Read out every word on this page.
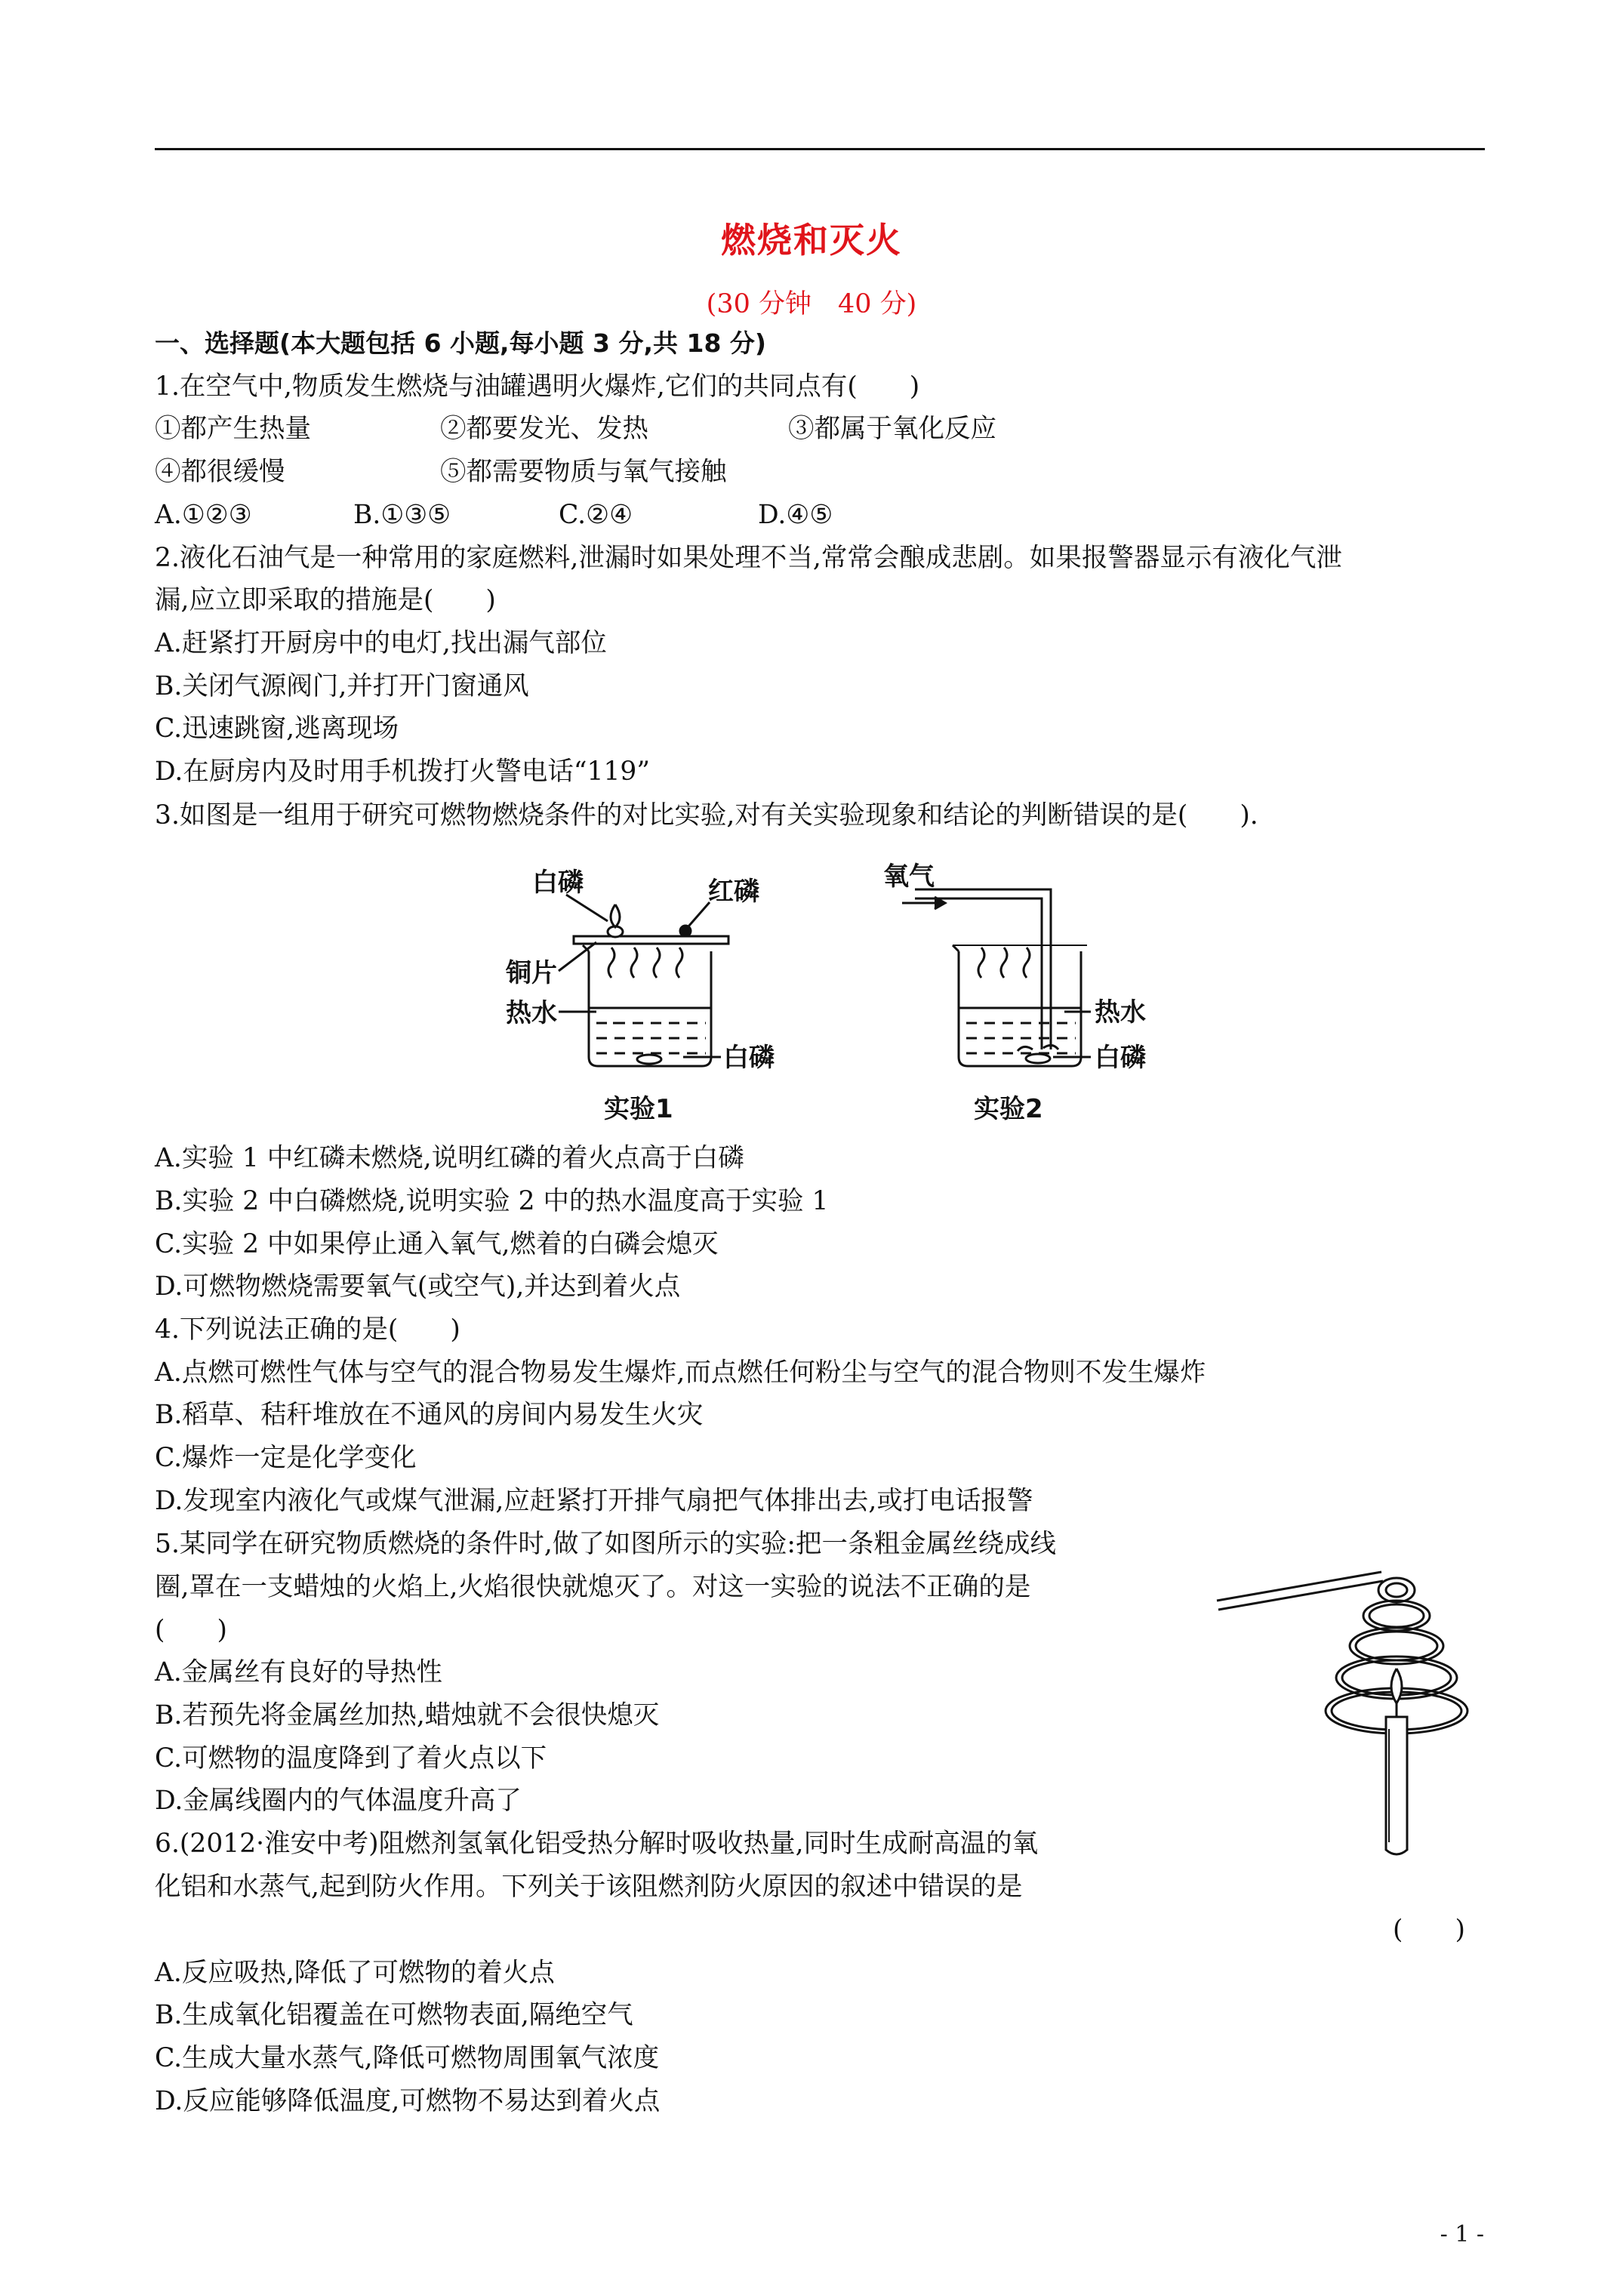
燃烧和灭火
(30 分钟　40 分)
一、选择题(本大题包括 6 小题,每小题 3 分,共 18 分)
1.在空气中,物质发生燃烧与油罐遇明火爆炸,它们的共同点有(　　)
①都产生热量	②都要发光、发热	③都属于氧化反应
④都很缓慢	⑤都需要物质与氧气接触
A.①②③	B.①③⑤	C.②④	D.④⑤
2.液化石油气是一种常用的家庭燃料,泄漏时如果处理不当,常常会酿成悲剧。如果报警器显示有液化气泄
漏,应立即采取的措施是(　　)
A.赶紧打开厨房中的电灯,找出漏气部位
B.关闭气源阀门,并打开门窗通风
C.迅速跳窗,逃离现场
D.在厨房内及时用手机拨打火警电话“119”
3.如图是一组用于研究可燃物燃烧条件的对比实验,对有关实验现象和结论的判断错误的是(　　).
白磷	红磷
铜片
热水
白磷
实验1
氧气
热水
白磷
实验2
A.实验 1 中红磷未燃烧,说明红磷的着火点高于白磷
B.实验 2 中白磷燃烧,说明实验 2 中的热水温度高于实验 1
C.实验 2 中如果停止通入氧气,燃着的白磷会熄灭
D.可燃物燃烧需要氧气(或空气),并达到着火点
4.下列说法正确的是(　　)
A.点燃可燃性气体与空气的混合物易发生爆炸,而点燃任何粉尘与空气的混合物则不发生爆炸
B.稻草、秸秆堆放在不通风的房间内易发生火灾
C.爆炸一定是化学变化
D.发现室内液化气或煤气泄漏,应赶紧打开排气扇把气体排出去,或打电话报警
5.某同学在研究物质燃烧的条件时,做了如图所示的实验:把一条粗金属丝绕成线
圈,罩在一支蜡烛的火焰上,火焰很快就熄灭了。对这一实验的说法不正确的是
(　　)
A.金属丝有良好的导热性
B.若预先将金属丝加热,蜡烛就不会很快熄灭
C.可燃物的温度降到了着火点以下
D.金属线圈内的气体温度升高了
6.(2012·淮安中考)阻燃剂氢氧化铝受热分解时吸收热量,同时生成耐高温的氧
化铝和水蒸气,起到防火作用。下列关于该阻燃剂防火原因的叙述中错误的是
(　　)
A.反应吸热,降低了可燃物的着火点
B.生成氧化铝覆盖在可燃物表面,隔绝空气
C.生成大量水蒸气,降低可燃物周围氧气浓度
D.反应能够降低温度,可燃物不易达到着火点
- 1 -
